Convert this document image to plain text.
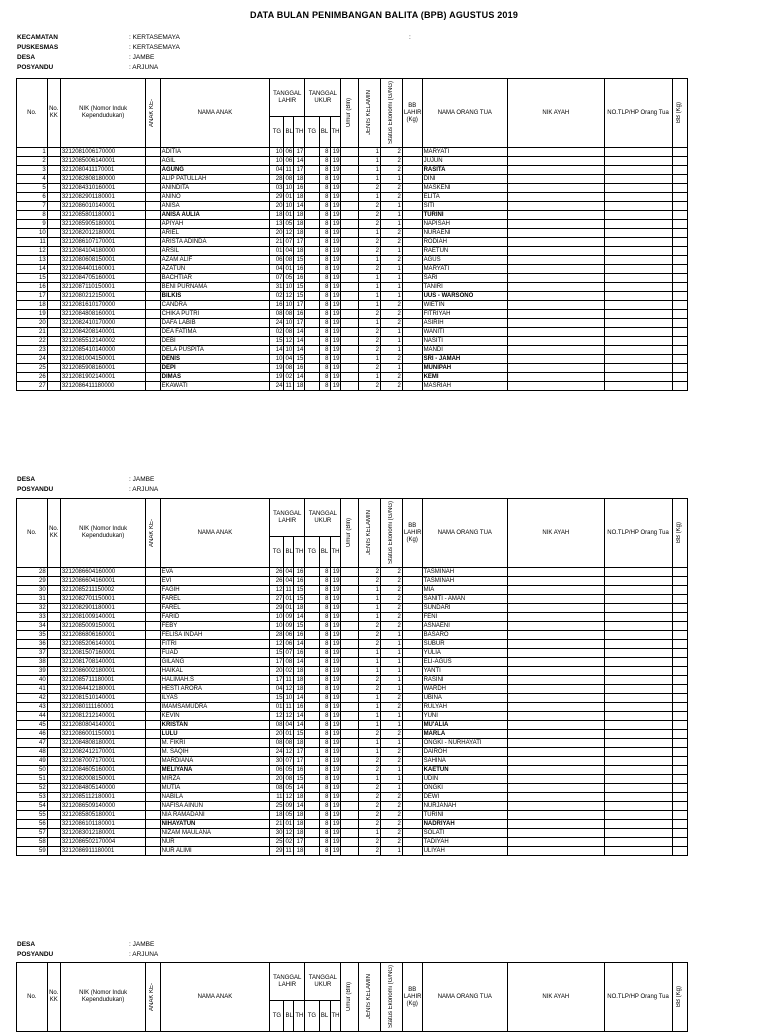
DATA BULAN PENIMBANGAN BALITA (BPB) AGUSTUS 2019
KECAMATAN	: KERTASEMAYA	:
PUSKESMAS	: KERTASEMAYA
DESA	: JAMBE
POSYANDU	: ARJUNA
No.	No. KK	NIK (Nomor Induk Kependudukan)	ANAK KE-	NAMA ANAK	TANGGAL LAHIR			TANGGAL UKUR			Umur (Bln)	JENIS KELAMIN	Status Ekonomi (G/NG)	BB LAHIR (Kg)	NAMA ORANG TUA	NIK AYAH	NO.TLP/HP Orang Tua	BB (Kg)

					TG	BL	TH	TG	BL	TH								
1		3212081006170000		ADITIA	10	06	17		8	19		1	2		MARYATI			
2		3212085006140001		AGIL	10	06	14		8	19		1	2		JUJUN			
3		3212080411170001		AGUNG	04	11	17		8	19		1	2		RASITA			
4		3212082808180000		ALIP PATULLAH	28	08	18		8	19		1	1		DINI			
5		3212084310160001		ANINDITA	03	10	16		8	19		2	2		MASKENI			
6		3212082901180001		ANINO	29	01	18		8	19		1	2		ELITA			
7		3212086010140001		ANISA	20	10	14		8	19		2	1		SITI			
8		3212085801180001		ANISA AULIA	18	01	18		8	19		2	1		TURINI			
9		3212085905180001		APIYAH	13	05	18		8	19		2	1		NAPISAH			
10		3212082012180001		ARIEL	20	12	18		8	19		1	2		NURAENI			
11		3212086107170001		ARISTA ADINDA	21	07	17		8	19		2	2		RODIAH			
12		3212084104180000		ARSIL	01	04	18		8	19		2	1		RAETUN			
13		3212080608150001		AZAM ALIF	06	08	15		8	19		1	2		AGUS			
14		3212084401160001		AZATUN	04	01	16		8	19		2	1		MARYATI			
15		3212084705160001		BACHTIAR	07	05	16		8	19		1	1		SARI			
16		3212087110150001		BENI PURNAMA	31	10	15		8	19		1	1		TANIRI			
17		3212080212150001		BILKIS	02	12	15		8	19		1	1		UUS - WARSONO			
18		3212081610170000		CANDRA	16	10	17		8	19		1	2		WIETIN			
19		3212084808160001		CHIKA PUTRI	08	08	16		8	19		2	2		FITRIYAH			
20		3212082410170000		DAFA LABIB	24	10	17		8	19		1	2		ASIRIH			
21		3212084208140001		DEA FATIMA	02	08	14		8	19		2	1		WANITI			
22		3212085512140002		DEBI	15	12	14		8	19		2	1		NASITI			
23		3212085410140000		DELA PUSPITA	14	10	14		8	19		2	1		MANDI			
24		3212081004150001		DENIS	10	04	15		8	19		1	2		SRI - JAMAH			
25		3212085908160001		DEPI	19	08	16		8	19		2	1		MUNIPAH			
26		3212081902140001		DIMAS	19	02	14		8	19		1	2		KEMI			
27		3212086411180000		EKAWATI	24	11	18		8	19		2	2		MASRIAH			
DESA	: JAMBE
POSYANDU	: ARJUNA
No.	No. KK	NIK (Nomor Induk Kependudukan)	ANAK KE-	NAMA ANAK	TANGGAL LAHIR			TANGGAL UKUR			Umur (Bln)	JENIS KELAMIN	Status Ekonomi (G/NG)	BB LAHIR (Kg)	NAMA ORANG TUA	NIK AYAH	NO.TLP/HP Orang Tua	BB (Kg)

					TG	BL	TH	TG	BL	TH								
28		3212086604160000		EVA	26	04	16		8	19		2	2		TASMINAH			
29		3212086604160001		EVI	26	04	16		8	19		2	2		TASMINAH			
30		3212085211150002		FAGIH	12	11	15		8	19		1	2		MIA			
31		3212082701150001		FAREL	27	01	15		8	19		1	2		SANITI - AMAN			
32		3212082901180001		FAREL	29	01	18		8	19		1	2		SUNDARI			
33		3212081009140001		FARID	10	09	14		8	19		1	2		FENI			
34		3212085009150001		FEBY	10	09	15		8	19		2	2		ASNAENI			
35		3212086806160001		FELISA INDAH	28	06	16		8	19		2	1		BASARO			
36		3212085206140001		FITRI	12	06	14		8	19		2	1		SUBUR			
37		3212081507160001		FUAD	15	07	16		8	19		1	1		YULIA			
38		3212081708140001		GILANG	17	08	14		8	19		1	1		ELI-AGUS			
39		3212086002180001		HAIKAL	20	02	18		8	19		1	1		YANTI			
40		3212085711180001		HALIMAH.S	17	11	18		8	19		2	1		RASINI			
41		3212084412180001		HESTI ARORA	04	12	18		8	19		2	1		WARDH			
42		3212081510140001		ILYAS	15	10	14		8	19		1	2		UBINA			
43		3212080111160001		IMAMSAMUDRA	01	11	16		8	19		1	2		RULYAH			
44		3212081212140001		KEVIN	12	12	14		8	19		1	1		YUNI			
45		3212080804140001		KRISTAN	08	04	14		8	19		1	1		MU'ALIA			
46		3212086001150001		LULU	20	01	15		8	19		2	2		MARLA			
47		3212084808180001		M. FIKRI	08	08	18		8	19		1	1		ONGKI - NURHAYATI			
48		3212082412170001		M. SAQIH	24	12	17		8	19		1	2		DAIROH			
49		3212087007170001		MARDIANA	30	07	17		8	19		2	2		SAHINA			
50		3212084605160001		MELIYANA	06	05	16		8	19		2	1		KAETUN			
51		3212082008150001		MIRZA	20	08	15		8	19		1	1		UDIN			
52		3212084805140000		MUTIA	08	05	14		8	19		2	1		ONGKI			
53		3212085112180001		NABILA	11	12	18		8	19		2	2		DEWI			
54		3212086509140000		NAFISA AINUN	25	09	14		8	19		2	2		NURJANAH			
55		3212085805180001		NIA RAMADANI	18	05	18		8	19		2	2		TURINI			
56		3212086101180001		NIHAYATUN	21	01	18		8	19		2	2		NADRIYAH			
57		3212083012180001		NIZAM MAULANA	30	12	18		8	19		1	2		SOLATI			
58		3212086502170004		NUR	25	02	17		8	19		2	2		TADIYAH			
59		3212086911180001		NUR ALIMI	29	11	18		8	19		2	1		ULIYAH			
DESA	: JAMBE
POSYANDU	: ARJUNA
No.	No. KK	NIK (Nomor Induk Kependudukan)	ANAK KE-	NAMA ANAK	TANGGAL LAHIR			TANGGAL UKUR			Umur (Bln)	JENIS KELAMIN	Status Ekonomi (G/NG)	BB LAHIR (Kg)	NAMA ORANG TUA	NIK AYAH	NO.TLP/HP Orang Tua	BB (Kg)

					TG	BL	TH	TG	BL	TH								
